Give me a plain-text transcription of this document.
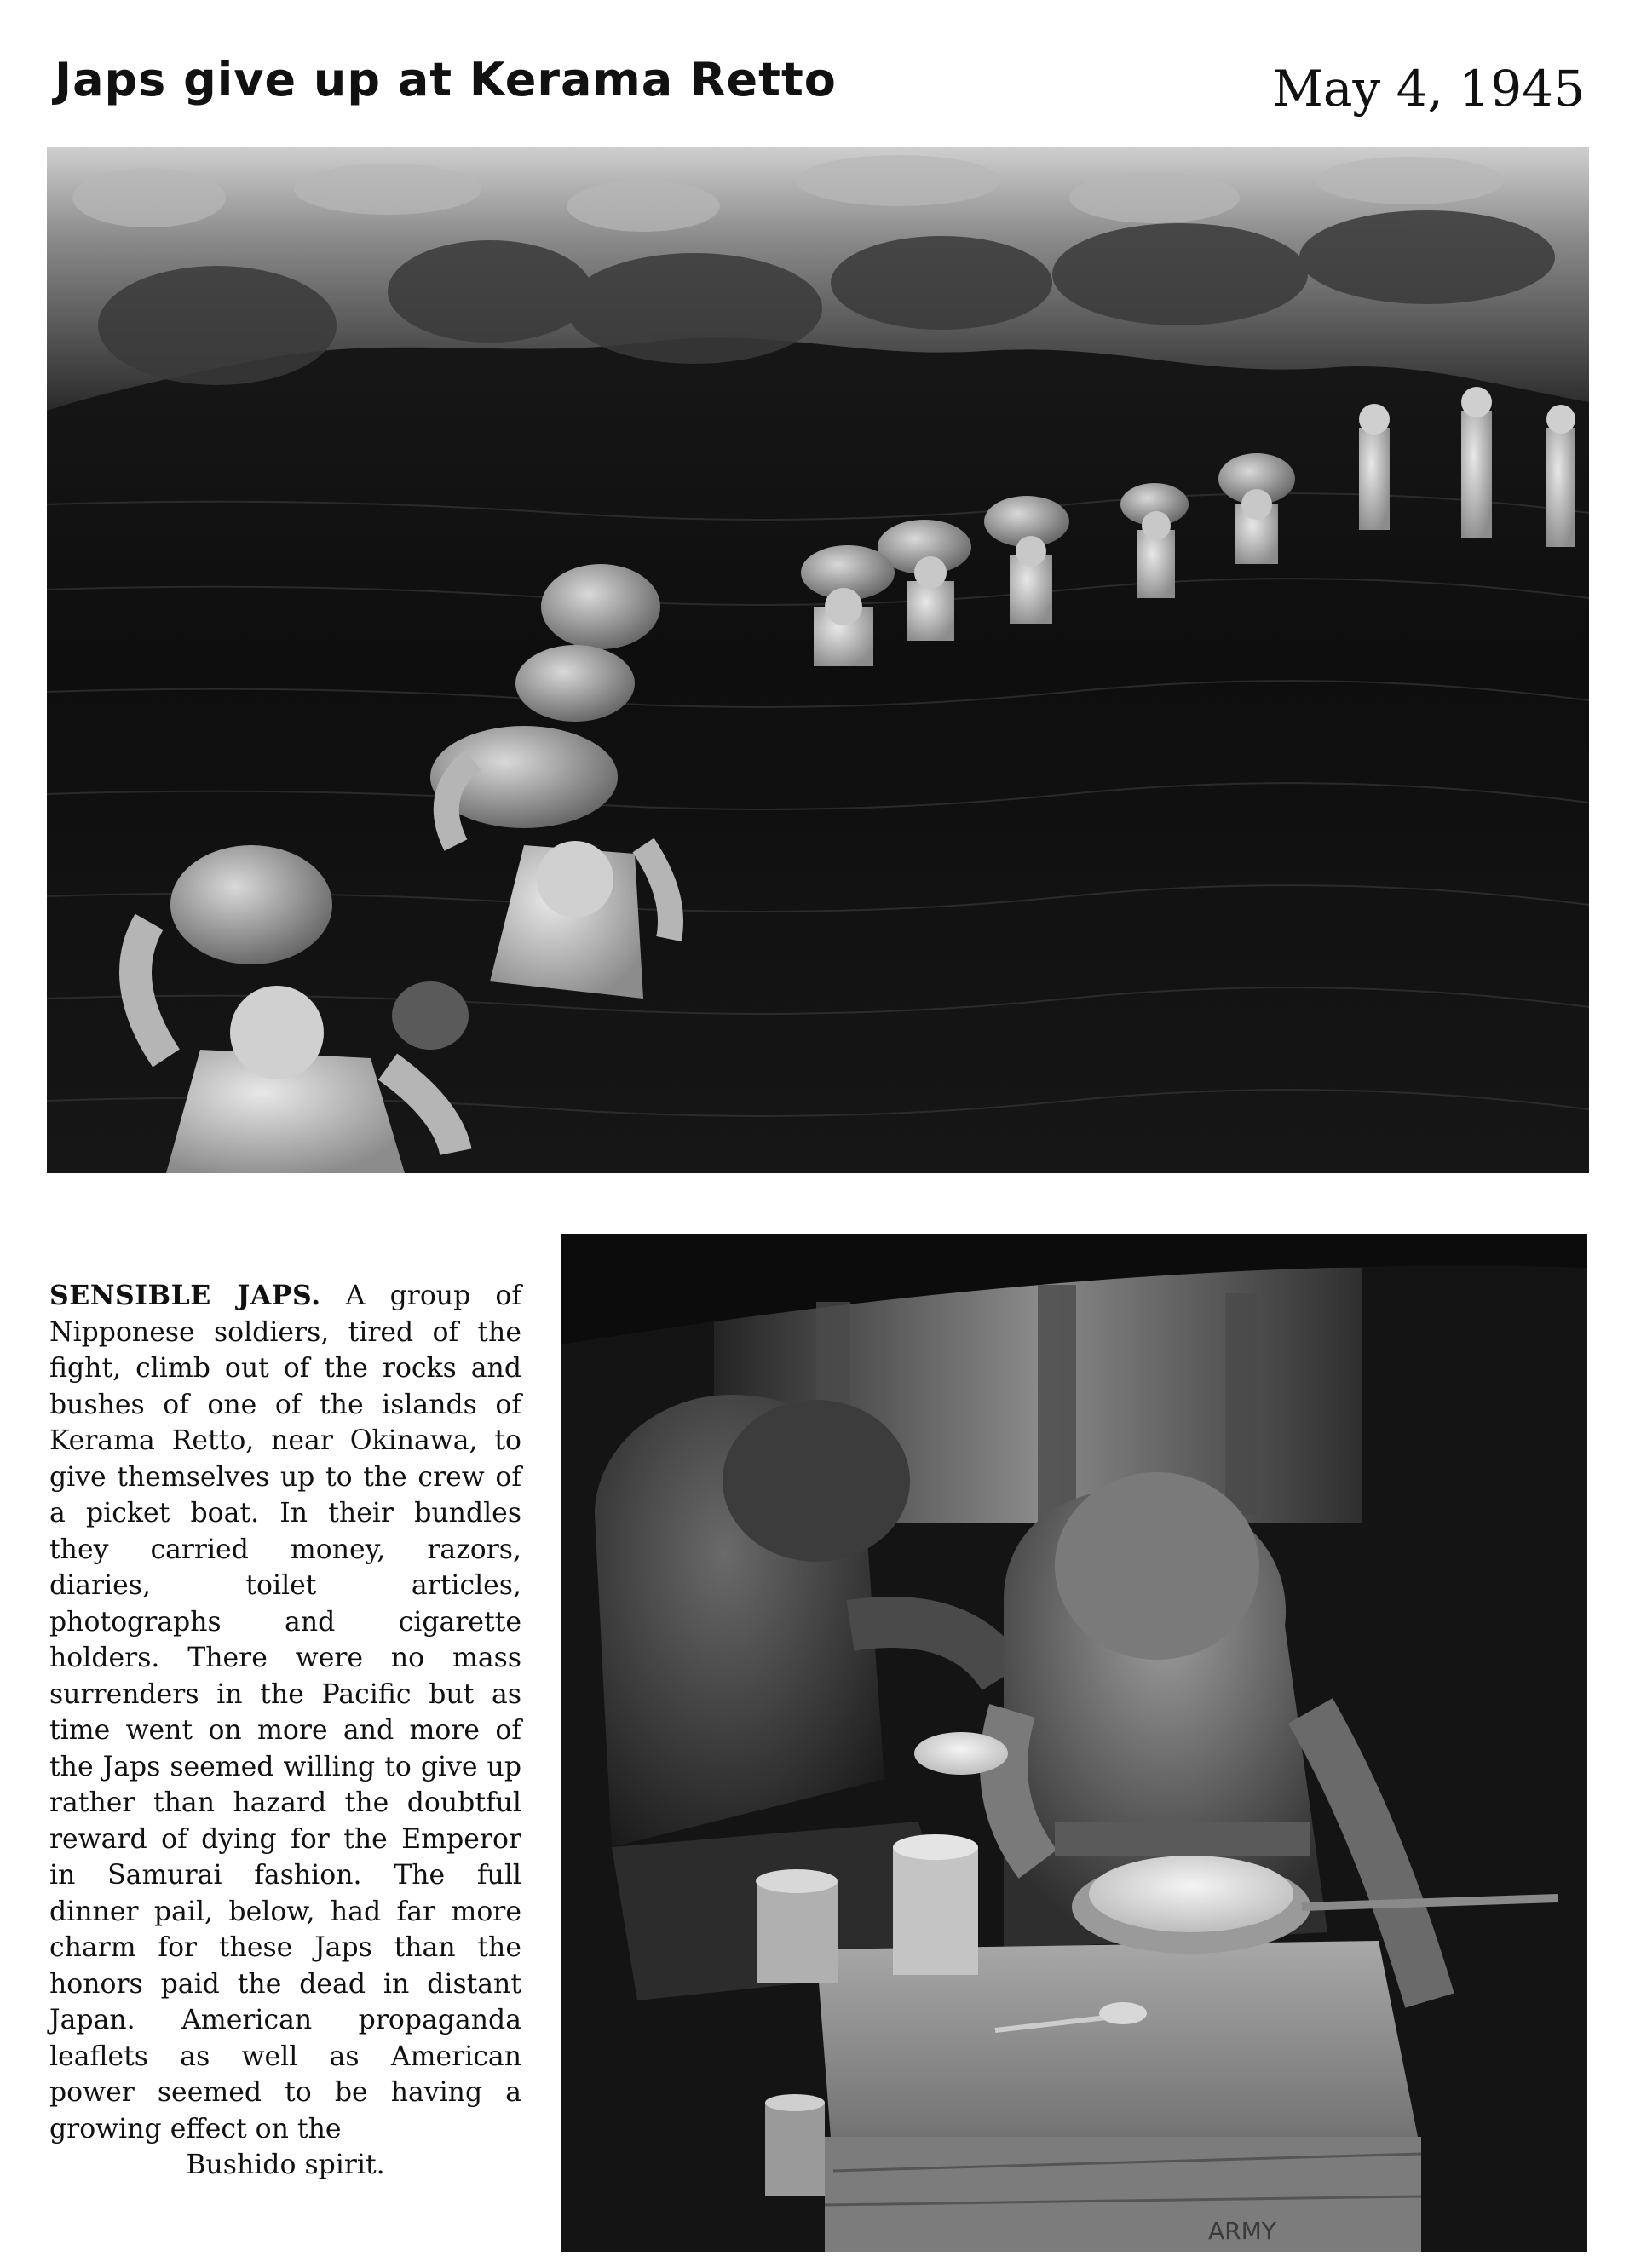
Japs give up at Kerama Retto	May 4, 1945
SENSIBLE JAPS. A group of Nipponese soldiers, tired of the fight, climb out of the rocks and bushes of one of the islands of Kerama Retto, near Okinawa, to give themselves up to the crew of a picket boat. In their bundles they carried money, razors, diaries, toilet articles, photographs and cigarette holders. There were no mass surrenders in the Pacific but as time went on more and more of the Japs seemed willing to give up rather than hazard the doubtful reward of dying for the Emperor in Samurai fashion. The full dinner pail, below, had far more charm for these Japs than the honors paid the dead in distant Japan. American propaganda leaflets as well as American power seemed to be having a growing effect on the
Bushido spirit.
ARMY
